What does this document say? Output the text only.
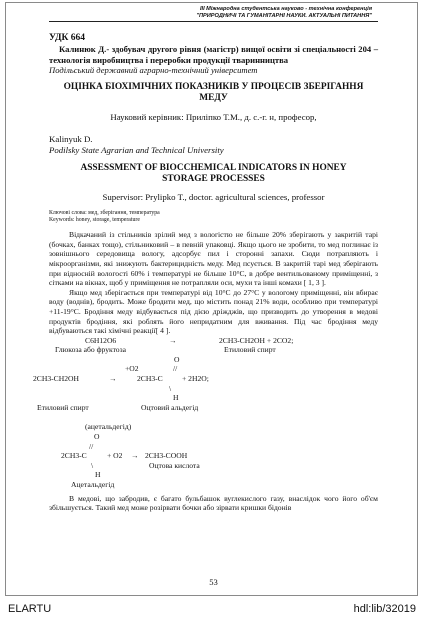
ІІІ Міжнародна студентська науково - технічна конференція
"ПРИРОДНИЧІ ТА ГУМАНІТАРНІ НАУКИ. АКТУАЛЬНІ ПИТАННЯ"
УДК 664
Калинюк Д.- здобувач другого рівня (магістр) вищої освіти зі спеціальності 204 – технологія виробництва і переробки продукції тваринництва
Подільський державний аграрно-технічний університет
ОЦІНКА БІОХІМІЧНИХ ПОКАЗНИКІВ У ПРОЦЕСІВ ЗБЕРІГАННЯ МЕДУ
Науковий керівник: Приліпко Т.М., д. с.-г. н, професор,
Kalinyuk D.
Podilsky State Agrarian and Technical University
ASSESSMENT OF BIOCCHEMICAL INDICATORS IN HONEY STORAGE PROCESSES
Supervisor: Prylipko T., doctor. agricultural sciences, professor
Ключові слова: мед, зберігання, температура
Keywords: honey, storage, temperature
Відкачаний із стільників зрілий мед з вологістю не більше 20% зберігають у закритій тарі (бочках, банках тощо), стільниковий – в певній упаковці. Якщо цього не зробити, то мед поглинає із зовнішнього середовища вологу, адсорбує пил і сторонні запахи. Сюди потрапляють і мікроорганізми, які знижують бактерицидність меду. Мед псується. В закритій тарі мед зберігають при відносній вологості 60% і температурі не більше 10°С, в добре вентильованому приміщенні, з сітками на вікнах, щоб у приміщення не потрапляли оси, мухи та інші комахи [ 1, 3 ].
Якщо мед зберігається при температурі від 10°С до 27°С у вологому приміщенні, він вбирає воду (воднів), бродить. Може бродити мед, що містить понад 21% води, особливо при температурі +11-19°С. Бродіння меду відбувається під дією дріжджів, що призводить до утворення в медові продуктів бродіння, які роблять його непридатним для вживання. Під час бродіння меду відбуваються такі хімічні реакції[ 4 ].
C6H12O6	→	2CH3-CH2OH + 2CO2;
Глюкоза або фруктоза	Етиловий спирт
O
+O2	//
2CH3-CH2OH	→	2CH3-C	+ 2H2O;
\
H
Етиловий спирт	Оцтовий альдегід
(ацетальдегід)
O
//
2CH3-C	+ O2 → 2CH3-COOH
\	Оцтова кислота
H
Ацетальдегід
В медові, що забродив, є багато бульбашок вуглекислого газу, внаслідок чого його об'єм збільшується. Такий мед може розірвати бочки або зірвати кришки бідонів
53
ELARTU	hdl:lib/32019
